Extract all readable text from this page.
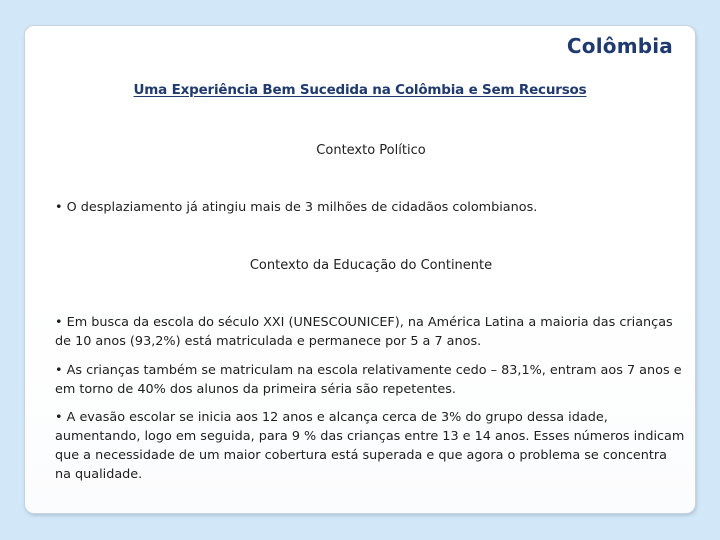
Colômbia
Uma Experiência Bem Sucedida na Colômbia e Sem Recursos

Contexto Político

• O desplaziamento já atingiu mais de 3 milhões de cidadãos colombianos.

Contexto da Educação do Continente

• Em busca da escola do século XXI (UNESCOUNICEF), na América Latina a maioria das crianças de 10 anos (93,2%) está matriculada e permanece por 5 a 7 anos.

• As crianças também se matriculam na escola relativamente cedo – 83,1%, entram aos 7 anos e em torno de 40% dos alunos da primeira séria são repetentes.

• A evasão escolar se inicia aos 12 anos e alcança cerca de 3% do grupo dessa idade, aumentando, logo em seguida, para 9 % das crianças entre 13 e 14 anos. Esses números indicam que a necessidade de um maior cobertura está superada e que agora o problema se concentra na qualidade.
